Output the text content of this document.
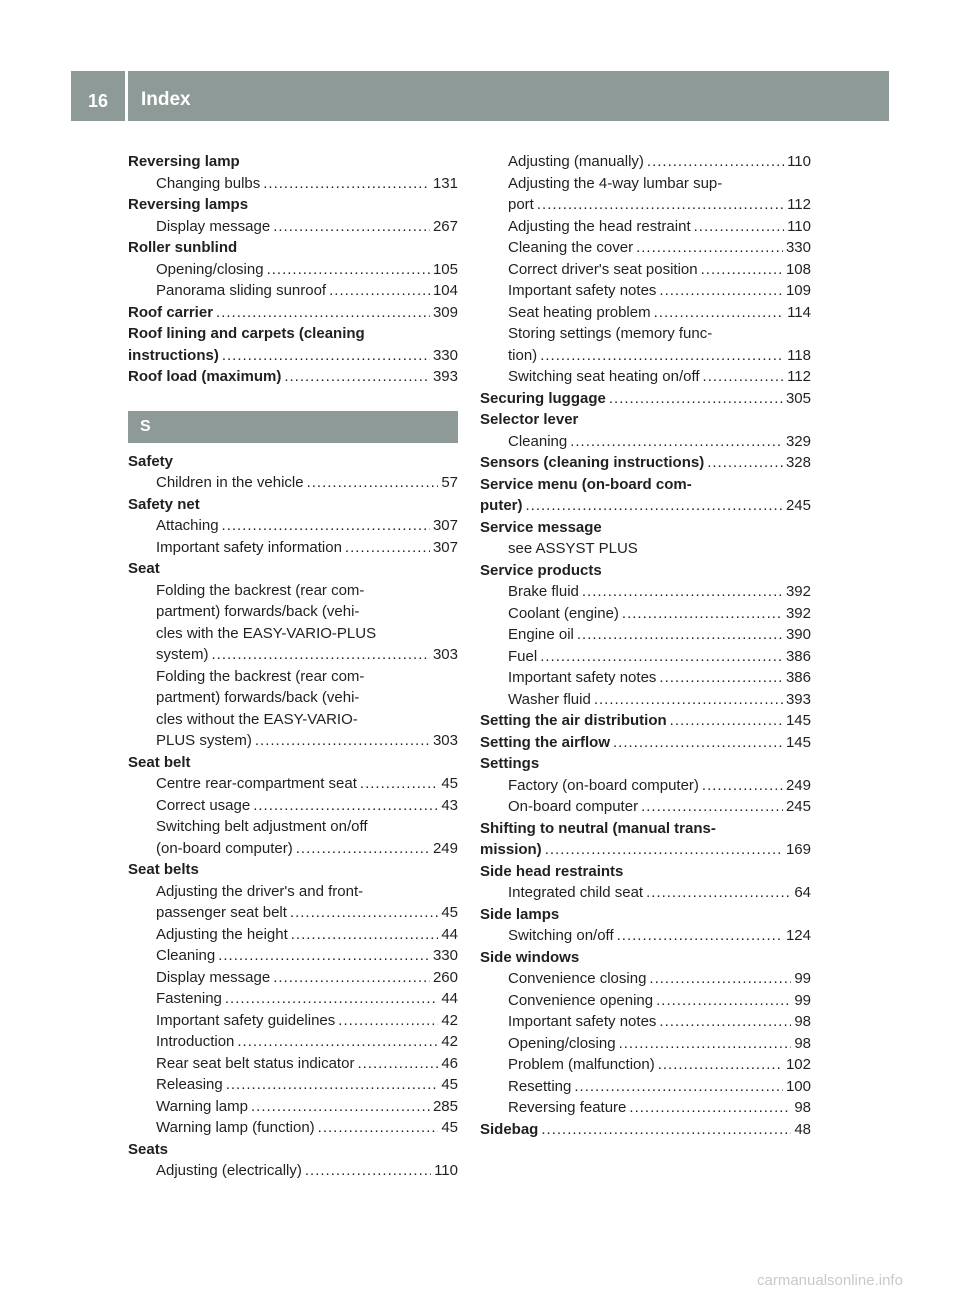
16	Index
Reversing lamp
Changing bulbs .....	131
Reversing lamps
Display message .....	267
Roller sunblind
Opening/closing .....	105
Panorama sliding sunroof .....	104
Roof carrier .....	309
Roof lining and carpets (cleaning
instructions) .....	330
Roof load (maximum) .....	393
S
Safety
Children in the vehicle .....	57
Safety net
Attaching .....	307
Important safety information .....	307
Seat
Folding the backrest (rear com-
partment) forwards/back (vehi-
cles with the EASY-VARIO-PLUS
system) .....	303
Folding the backrest (rear com-
partment) forwards/back (vehi-
cles without the EASY-VARIO-
PLUS system) .....	303
Seat belt
Centre rear-compartment seat .....	45
Correct usage .....	43
Switching belt adjustment on/off
(on-board computer) .....	249
Seat belts
Adjusting the driver's and front-
passenger seat belt .....	45
Adjusting the height .....	44
Cleaning .....	330
Display message .....	260
Fastening .....	44
Important safety guidelines .....	42
Introduction .....	42
Rear seat belt status indicator .....	46
Releasing .....	45
Warning lamp .....	285
Warning lamp (function) .....	45
Seats
Adjusting (electrically) .....	110
Adjusting (manually) .....	110
Adjusting the 4-way lumbar sup-
port .....	112
Adjusting the head restraint .....	110
Cleaning the cover .....	330
Correct driver's seat position .....	108
Important safety notes .....	109
Seat heating problem .....	114
Storing settings (memory func-
tion) .....	118
Switching seat heating on/off .....	112
Securing luggage .....	305
Selector lever
Cleaning .....	329
Sensors (cleaning instructions) .....	328
Service menu (on-board com-
puter) .....	245
Service message
see ASSYST PLUS
Service products
Brake fluid .....	392
Coolant (engine) .....	392
Engine oil .....	390
Fuel .....	386
Important safety notes .....	386
Washer fluid .....	393
Setting the air distribution .....	145
Setting the airflow .....	145
Settings
Factory (on-board computer) .....	249
On-board computer .....	245
Shifting to neutral (manual trans-
mission) .....	169
Side head restraints
Integrated child seat .....	64
Side lamps
Switching on/off .....	124
Side windows
Convenience closing .....	99
Convenience opening .....	99
Important safety notes .....	98
Opening/closing .....	98
Problem (malfunction) .....	102
Resetting .....	100
Reversing feature .....	98
Sidebag .....	48
carmanualsonline.info
